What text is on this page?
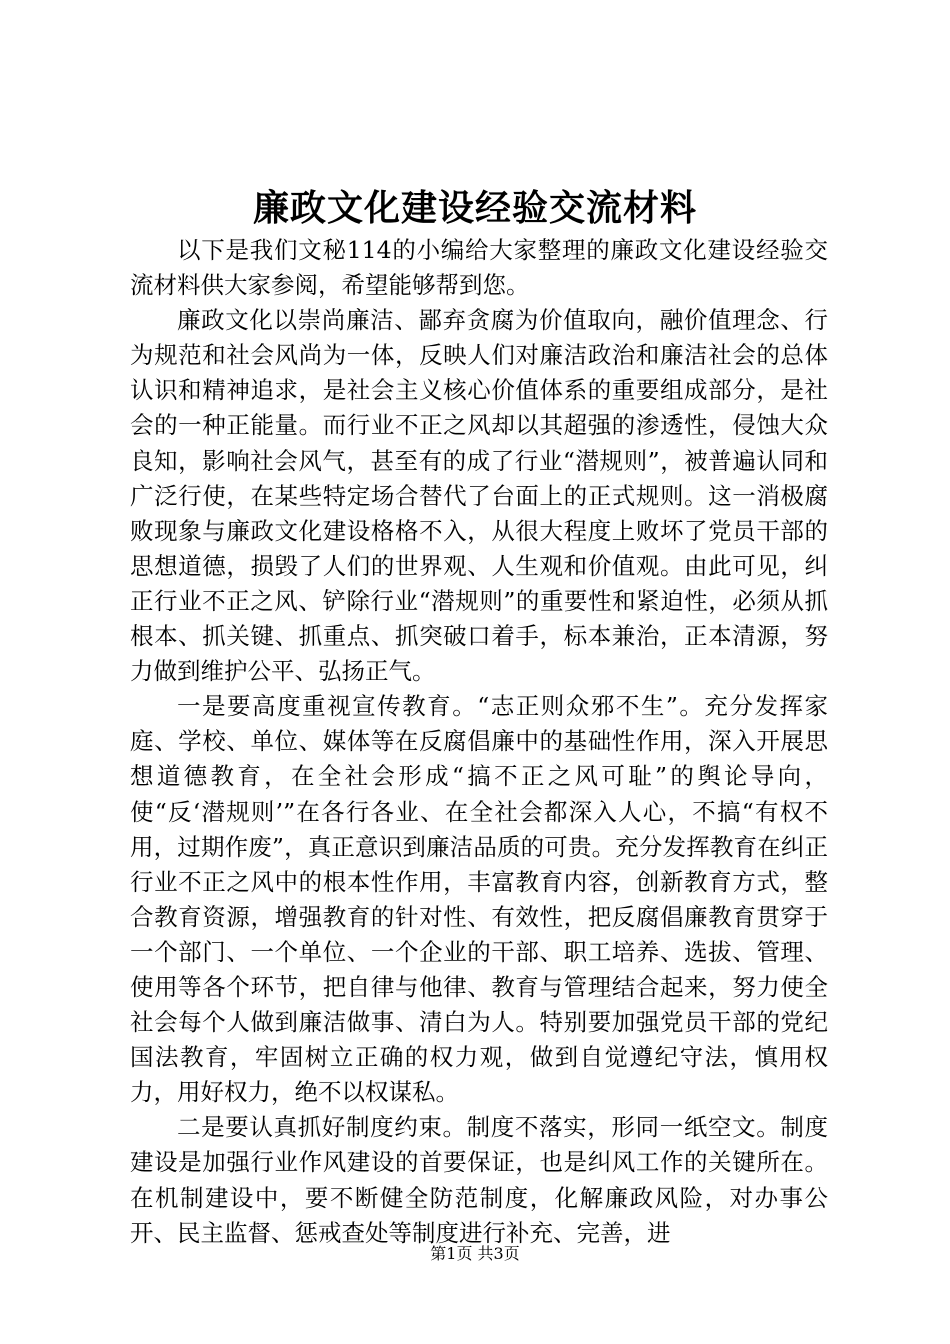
廉政文化建设经验交流材料

以下是我们文秘114的小编给大家整理的廉政文化建设经验交流材料供大家参阅，希望能够帮到您。

廉政文化以崇尚廉洁、鄙弃贪腐为价值取向，融价值理念、行为规范和社会风尚为一体，反映人们对廉洁政治和廉洁社会的总体认识和精神追求，是社会主义核心价值体系的重要组成部分，是社会的一种正能量。而行业不正之风却以其超强的渗透性，侵蚀大众良知，影响社会风气，甚至有的成了行业“潜规则”，被普遍认同和广泛行使，在某些特定场合替代了台面上的正式规则。这一消极腐败现象与廉政文化建设格格不入，从很大程度上败坏了党员干部的思想道德，损毁了人们的世界观、人生观和价值观。由此可见，纠正行业不正之风、铲除行业“潜规则”的重要性和紧迫性，必须从抓根本、抓关键、抓重点、抓突破口着手，标本兼治，正本清源，努力做到维护公平、弘扬正气。

一是要高度重视宣传教育。“志正则众邪不生”。充分发挥家庭、学校、单位、媒体等在反腐倡廉中的基础性作用，深入开展思想道德教育，在全社会形成“搞不正之风可耻”的舆论导向，使“反‘潜规则’”在各行各业、在全社会都深入人心，不搞“有权不用，过期作废”，真正意识到廉洁品质的可贵。充分发挥教育在纠正行业不正之风中的根本性作用，丰富教育内容，创新教育方式，整合教育资源，增强教育的针对性、有效性，把反腐倡廉教育贯穿于一个部门、一个单位、一个企业的干部、职工培养、选拔、管理、使用等各个环节，把自律与他律、教育与管理结合起来，努力使全社会每个人做到廉洁做事、清白为人。特别要加强党员干部的党纪国法教育，牢固树立正确的权力观，做到自觉遵纪守法，慎用权力，用好权力，绝不以权谋私。

二是要认真抓好制度约束。制度不落实，形同一纸空文。制度建设是加强行业作风建设的首要保证，也是纠风工作的关键所在。在机制建设中，要不断健全防范制度，化解廉政风险，对办事公开、民主监督、惩戒查处等制度进行补充、完善，进

第1页 共3页
